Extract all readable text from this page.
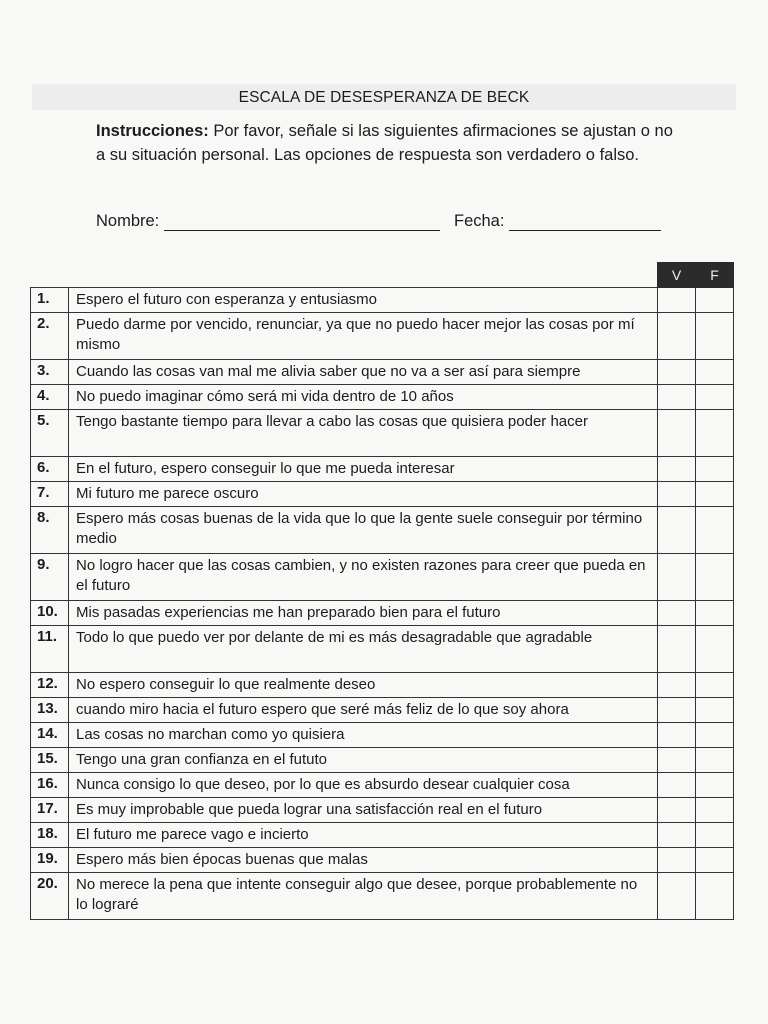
ESCALA DE DESESPERANZA DE BECK
Instrucciones: Por favor, señale si las siguientes afirmaciones se ajustan o no a su situación personal. Las opciones de respuesta son verdadero o falso.
Nombre:	Fecha:
		V	F
1.	Espero el futuro con esperanza y entusiasmo		
2.	Puedo darme por vencido, renunciar, ya que no puedo hacer mejor las cosas por mí mismo		
3.	Cuando las cosas van mal me alivia saber que no va a ser así para siempre		
4.	No puedo imaginar cómo será mi vida dentro de 10 años		
5.	Tengo bastante tiempo para llevar a cabo las cosas que quisiera poder hacer		
6.	En el futuro, espero conseguir lo que me pueda interesar		
7.	Mi futuro me parece oscuro		
8.	Espero más cosas buenas de la vida que lo que la gente suele conseguir por término medio		
9.	No logro hacer que las cosas cambien, y no existen razones para creer que pueda en el futuro		
10.	Mis pasadas experiencias me han preparado bien para el futuro		
11.	Todo lo que puedo ver por delante de mi es más desagradable que agradable		
12.	No espero conseguir lo que realmente deseo		
13.	cuando miro hacia el futuro espero que seré más feliz de lo que soy ahora		
14.	Las cosas no marchan como yo quisiera		
15.	Tengo una gran confianza en el fututo		
16.	Nunca consigo lo que deseo, por lo que es absurdo desear cualquier cosa		
17.	Es muy improbable que pueda lograr una satisfacción real en el futuro		
18.	El futuro me parece vago e incierto		
19.	Espero más bien épocas buenas que malas		
20.	No merece la pena que intente conseguir algo que desee, porque probablemente no lo lograré		
